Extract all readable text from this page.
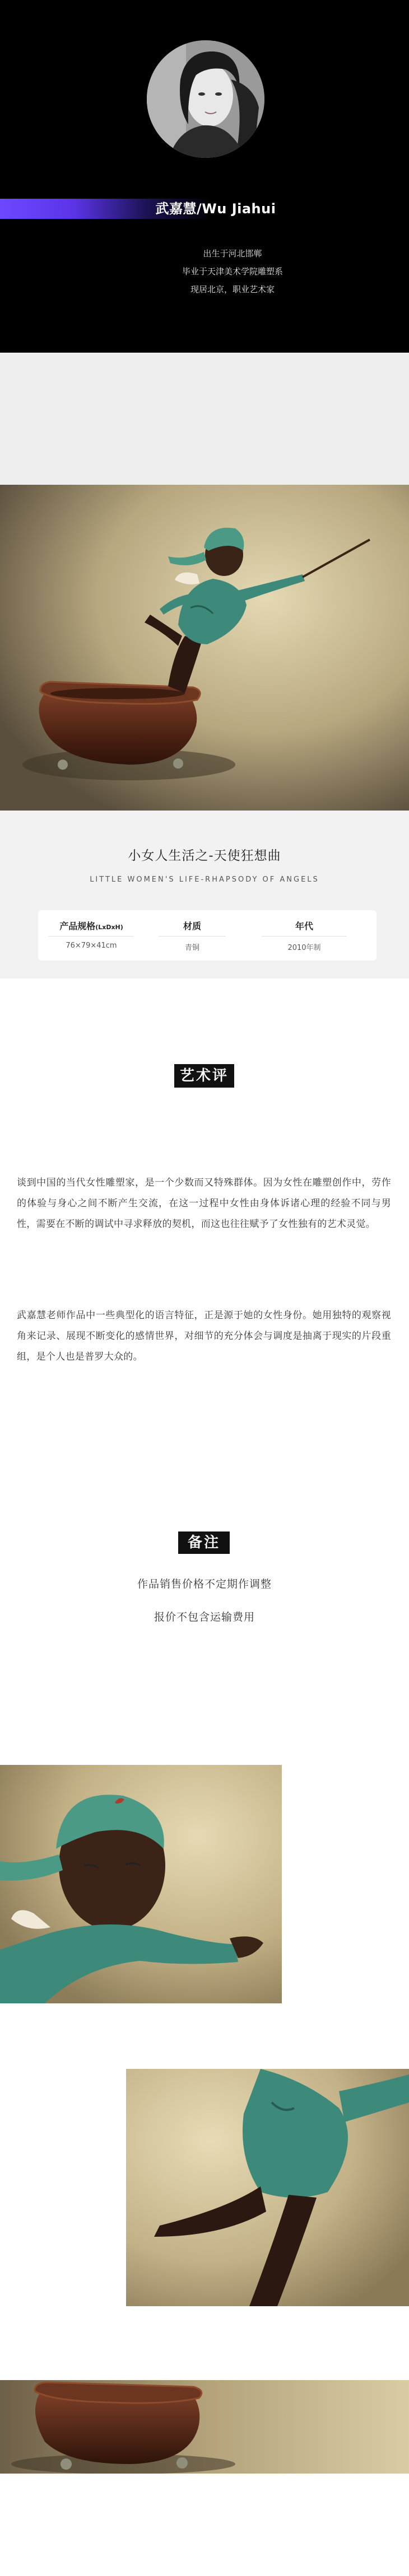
武嘉慧/Wu Jiahui
出生于河北邯郸
毕业于天津美术学院雕塑系
现居北京，职业艺术家
小女人生活之-天使狂想曲
LITTLE WOMEN'S LIFE-RHAPSODY OF ANGELS
产品规格(LxDxH)
76×79×41cm
材质
青铜
年代
2010年制
艺术评价
谈到中国的当代女性雕塑家，是一个少数而又特殊群体。因为女性在雕塑创作中，劳作的体验与身心之间不断产生交流，在这一过程中女性由身体诉诸心理的经验不同与男性，需要在不断的调试中寻求释放的契机，而这也往往赋予了女性独有的艺术灵觉。
武嘉慧老师作品中一些典型化的语言特征，正是源于她的女性身份。她用独特的观察视角来记录、展现不断变化的感情世界，对细节的充分体会与调度是抽离于现实的片段重组，是个人也是普罗大众的。
备注
作品销售价格不定期作调整
报价不包含运输费用
